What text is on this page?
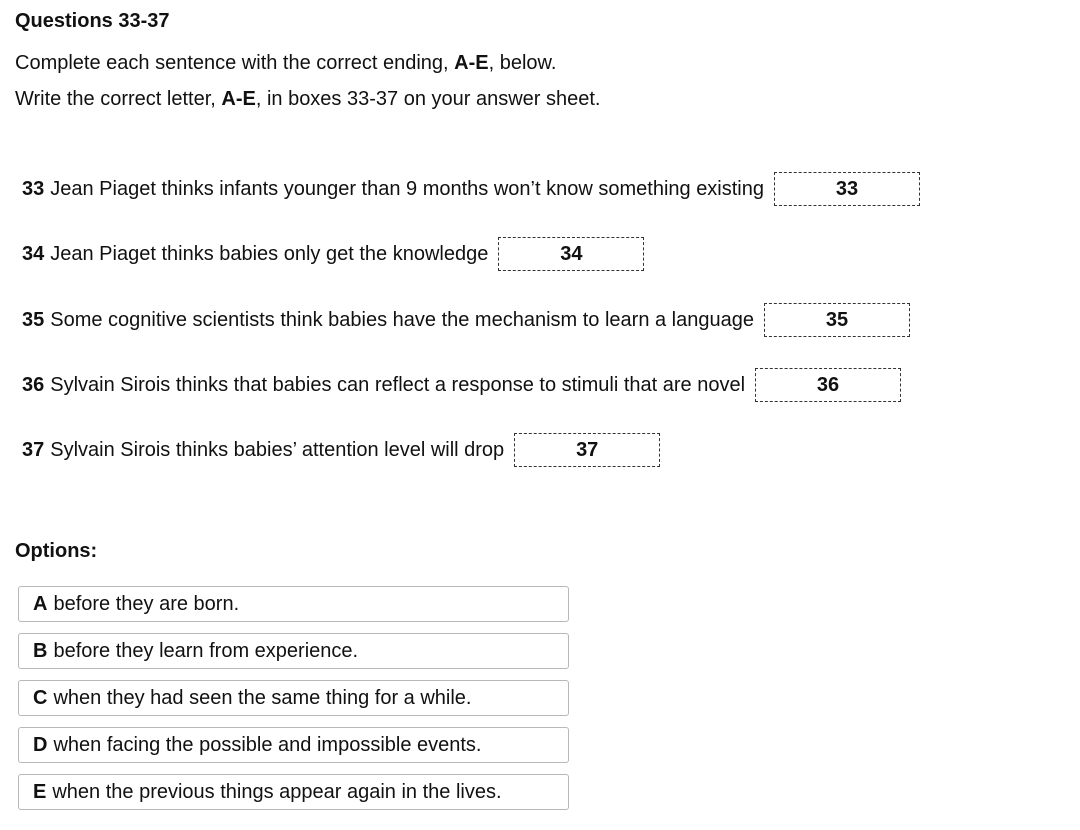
Questions 33-37

Complete each sentence with the correct ending, A-E, below.

Write the correct letter, A-E, in boxes 33-37 on your answer sheet.

33 Jean Piaget thinks infants younger than 9 months won’t know something existing	33
34 Jean Piaget thinks babies only get the knowledge	34
35 Some cognitive scientists think babies have the mechanism to learn a language	35
36 Sylvain Sirois thinks that babies can reflect a response to stimuli that are novel	36
37 Sylvain Sirois thinks babies’ attention level will drop	37
Options:
A before they are born.
B before they learn from experience.
C when they had seen the same thing for a while.
D when facing the possible and impossible events.
E when the previous things appear again in the lives.
